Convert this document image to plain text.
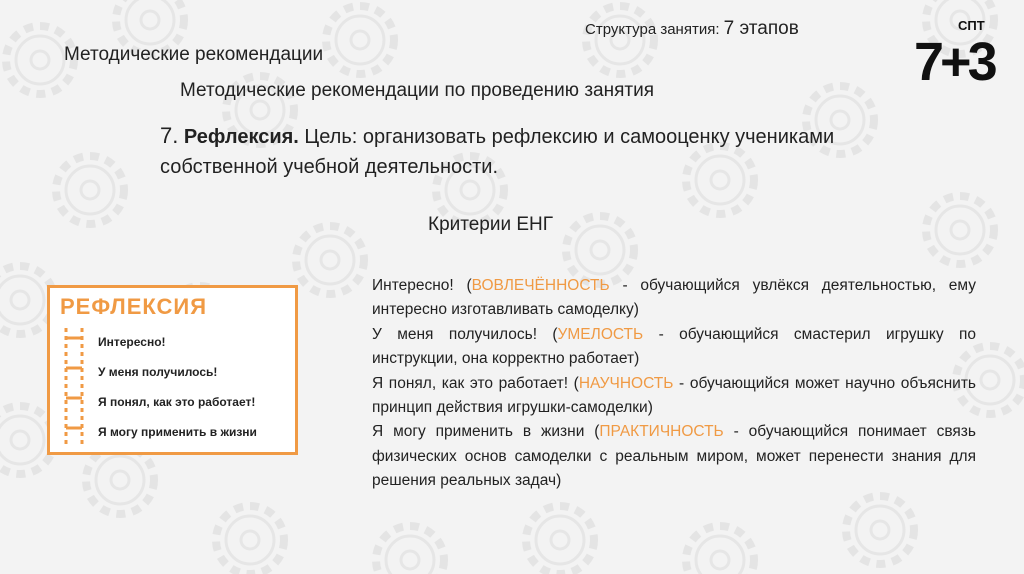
Структура занятия: 7 этапов	СПТ
7+3
Методические рекомендации
Методические рекомендации по проведению занятия
7. Рефлексия. Цель: организовать рефлексию и самооценку учениками собственной учебной деятельности.
Критерии ЕНГ
РЕФЛЕКСИЯ
Интересно!
У меня получилось!
Я понял, как это работает!
Я могу применить в жизни

Интересно! (ВОВЛЕЧЁННОСТЬ - обучающийся увлёкся деятельностью, ему интересно изготавливать самоделку)

У меня получилось! (УМЕЛОСТЬ - обучающийся смастерил игрушку по инструкции, она корректно работает)

Я понял, как это работает! (НАУЧНОСТЬ - обучающийся может научно объяснить принцип действия игрушки-самоделки)

Я могу применить в жизни (ПРАКТИЧНОСТЬ - обучающийся понимает связь физических основ самоделки с реальным миром, может перенести знания для решения реальных задач)
